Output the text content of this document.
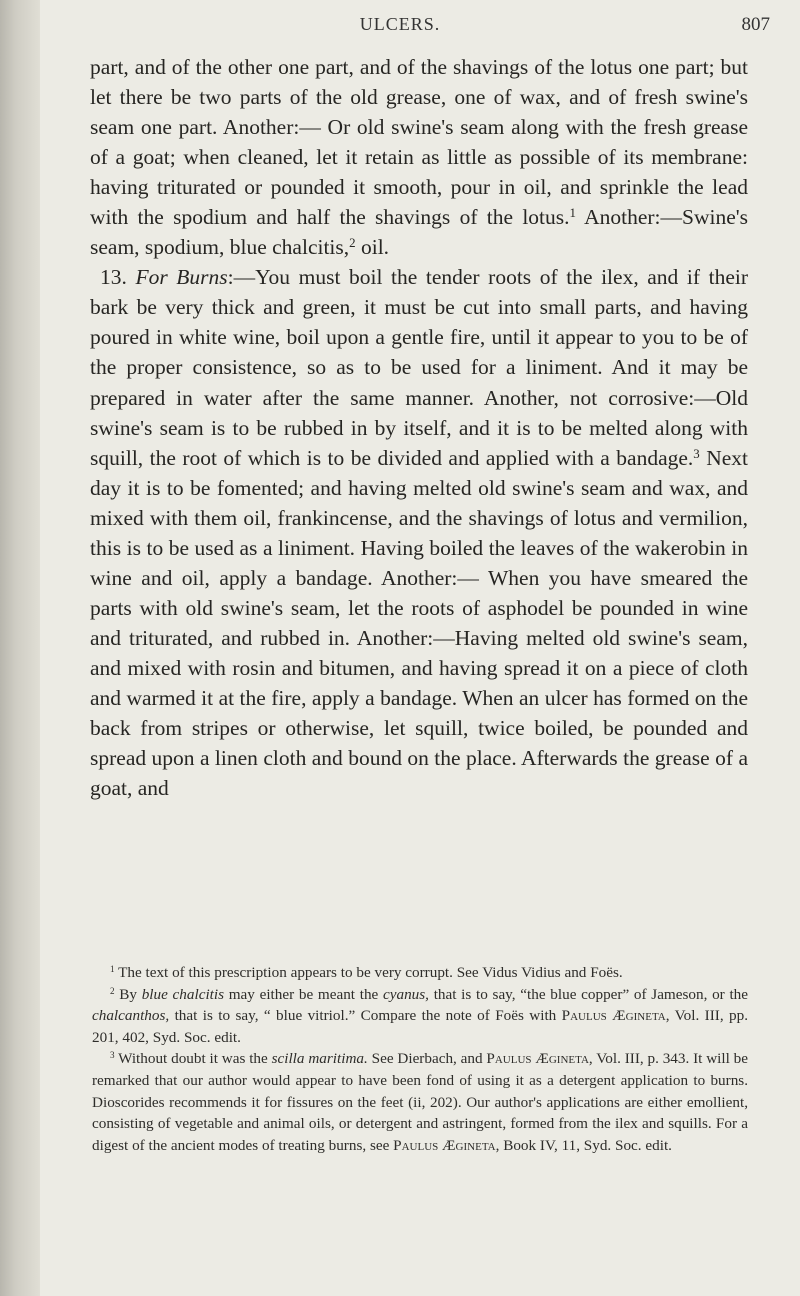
ULCERS.	807

part, and of the other one part, and of the shavings of the lotus one part; but let there be two parts of the old grease, one of wax, and of fresh swine's seam one part. Another:— Or old swine's seam along with the fresh grease of a goat; when cleaned, let it retain as little as possible of its membrane: having triturated or pounded it smooth, pour in oil, and sprinkle the lead with the spodium and half the shavings of the lotus.$^1$ Another:—Swine's seam, spodium, blue chalcitis,$^2$ oil.

13. For Burns:—You must boil the tender roots of the ilex, and if their bark be very thick and green, it must be cut into small parts, and having poured in white wine, boil upon a gentle fire, until it appear to you to be of the proper consistence, so as to be used for a liniment. And it may be prepared in water after the same manner. Another, not corrosive:—Old swine's seam is to be rubbed in by itself, and it is to be melted along with squill, the root of which is to be divided and applied with a bandage.$^3$ Next day it is to be fomented; and having melted old swine's seam and wax, and mixed with them oil, frankincense, and the shavings of lotus and vermilion, this is to be used as a liniment. Having boiled the leaves of the wakerobin in wine and oil, apply a bandage. Another:— When you have smeared the parts with old swine's seam, let the roots of asphodel be pounded in wine and triturated, and rubbed in. Another:—Having melted old swine's seam, and mixed with rosin and bitumen, and having spread it on a piece of cloth and warmed it at the fire, apply a bandage. When an ulcer has formed on the back from stripes or otherwise, let squill, twice boiled, be pounded and spread upon a linen cloth and bound on the place. Afterwards the grease of a goat, and

$^1$ The text of this prescription appears to be very corrupt. See Vidus Vidius and Foës.

$^2$ By blue chalcitis may either be meant the cyanus, that is to say, “the blue copper” of Jameson, or the chalcanthos, that is to say, “ blue vitriol.” Compare the note of Foës with Paulus Ægineta, Vol. III, pp. 201, 402, Syd. Soc. edit.

$^3$ Without doubt it was the scilla maritima. See Dierbach, and Paulus Ægineta, Vol. III, p. 343. It will be remarked that our author would appear to have been fond of using it as a detergent application to burns. Dioscorides recommends it for fissures on the feet (ii, 202). Our author's applications are either emollient, consisting of vegetable and animal oils, or detergent and astringent, formed from the ilex and squills. For a digest of the ancient modes of treating burns, see Paulus Ægineta, Book IV, 11, Syd. Soc. edit.
